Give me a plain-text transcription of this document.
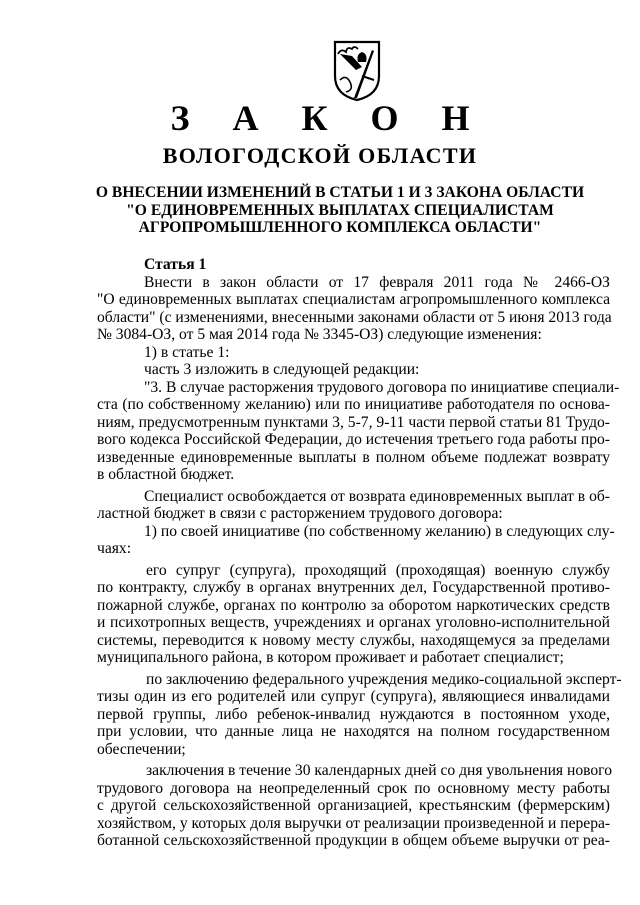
З А К О Н
ВОЛОГОДСКОЙ ОБЛАСТИ
О ВНЕСЕНИИ ИЗМЕНЕНИЙ В СТАТЬИ 1 И 3 ЗАКОНА ОБЛАСТИ
"О ЕДИНОВРЕМЕННЫХ ВЫПЛАТАХ СПЕЦИАЛИСТАМ
АГРОПРОМЫШЛЕННОГО КОМПЛЕКСА ОБЛАСТИ"
Статья 1
Внести в закон области от 17 февраля 2011 года № 2466-ОЗ
"О единовременных выплатах специалистам агропромышленного комплекса
области" (с изменениями, внесенными законами области от 5 июня 2013 года
№ 3084-ОЗ, от 5 мая 2014 года № 3345-ОЗ) следующие изменения:
1) в статье 1:
часть 3 изложить в следующей редакции:
"3. В случае расторжения трудового договора по инициативе специали-
ста (по собственному желанию) или по инициативе работодателя по основа-
ниям, предусмотренным пунктами 3, 5-7, 9-11 части первой статьи 81 Трудо-
вого кодекса Российской Федерации, до истечения третьего года работы про-
изведенные единовременные выплаты в полном объеме подлежат возврату
в областной бюджет.
Специалист освобождается от возврата единовременных выплат в об-
ластной бюджет в связи с расторжением трудового договора:
1) по своей инициативе (по собственному желанию) в следующих слу-
чаях:
его супруг (супруга), проходящий (проходящая) военную службу
по контракту, службу в органах внутренних дел, Государственной противо-
пожарной службе, органах по контролю за оборотом наркотических средств
и психотропных веществ, учреждениях и органах уголовно-исполнительной
системы, переводится к новому месту службы, находящемуся за пределами
муниципального района, в котором проживает и работает специалист;
по заключению федерального учреждения медико-социальной эксперт-
тизы один из его родителей или супруг (супруга), являющиеся инвалидами
первой группы, либо ребенок-инвалид нуждаются в постоянном уходе,
при условии, что данные лица не находятся на полном государственном
обеспечении;
заключения в течение 30 календарных дней со дня увольнения нового
трудового договора на неопределенный срок по основному месту работы
с другой сельскохозяйственной организацией, крестьянским (фермерским)
хозяйством, у которых доля выручки от реализации произведенной и перера-
ботанной сельскохозяйственной продукции в общем объеме выручки от реа-
